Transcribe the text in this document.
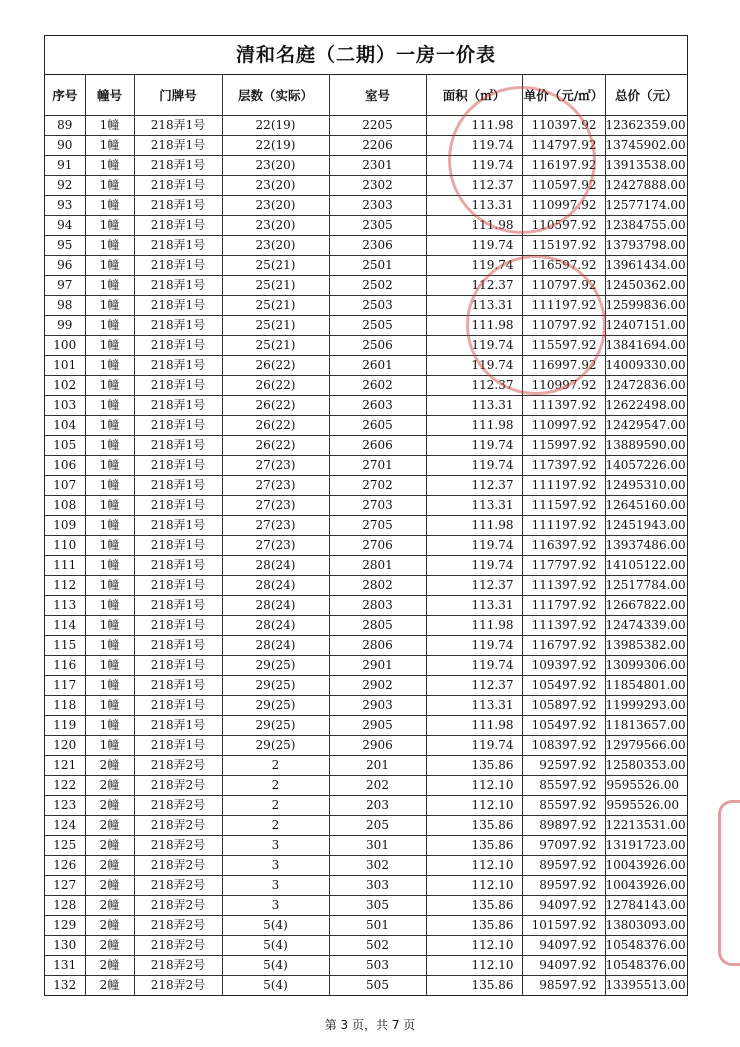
清和名庭（二期）一房一价表
序号	幢号	门牌号	层数（实际）	室号	面积（㎡）	单价（元/㎡）	总价（元）
89	1幢	218弄1号	22(19)	2205	111.98	110397.92	12362359.00
90	1幢	218弄1号	22(19)	2206	119.74	114797.92	13745902.00
91	1幢	218弄1号	23(20)	2301	119.74	116197.92	13913538.00
92	1幢	218弄1号	23(20)	2302	112.37	110597.92	12427888.00
93	1幢	218弄1号	23(20)	2303	113.31	110997.92	12577174.00
94	1幢	218弄1号	23(20)	2305	111.98	110597.92	12384755.00
95	1幢	218弄1号	23(20)	2306	119.74	115197.92	13793798.00
96	1幢	218弄1号	25(21)	2501	119.74	116597.92	13961434.00
97	1幢	218弄1号	25(21)	2502	112.37	110797.92	12450362.00
98	1幢	218弄1号	25(21)	2503	113.31	111197.92	12599836.00
99	1幢	218弄1号	25(21)	2505	111.98	110797.92	12407151.00
100	1幢	218弄1号	25(21)	2506	119.74	115597.92	13841694.00
101	1幢	218弄1号	26(22)	2601	119.74	116997.92	14009330.00
102	1幢	218弄1号	26(22)	2602	112.37	110997.92	12472836.00
103	1幢	218弄1号	26(22)	2603	113.31	111397.92	12622498.00
104	1幢	218弄1号	26(22)	2605	111.98	110997.92	12429547.00
105	1幢	218弄1号	26(22)	2606	119.74	115997.92	13889590.00
106	1幢	218弄1号	27(23)	2701	119.74	117397.92	14057226.00
107	1幢	218弄1号	27(23)	2702	112.37	111197.92	12495310.00
108	1幢	218弄1号	27(23)	2703	113.31	111597.92	12645160.00
109	1幢	218弄1号	27(23)	2705	111.98	111197.92	12451943.00
110	1幢	218弄1号	27(23)	2706	119.74	116397.92	13937486.00
111	1幢	218弄1号	28(24)	2801	119.74	117797.92	14105122.00
112	1幢	218弄1号	28(24)	2802	112.37	111397.92	12517784.00
113	1幢	218弄1号	28(24)	2803	113.31	111797.92	12667822.00
114	1幢	218弄1号	28(24)	2805	111.98	111397.92	12474339.00
115	1幢	218弄1号	28(24)	2806	119.74	116797.92	13985382.00
116	1幢	218弄1号	29(25)	2901	119.74	109397.92	13099306.00
117	1幢	218弄1号	29(25)	2902	112.37	105497.92	11854801.00
118	1幢	218弄1号	29(25)	2903	113.31	105897.92	11999293.00
119	1幢	218弄1号	29(25)	2905	111.98	105497.92	11813657.00
120	1幢	218弄1号	29(25)	2906	119.74	108397.92	12979566.00
121	2幢	218弄2号	2	201	135.86	92597.92	12580353.00
122	2幢	218弄2号	2	202	112.10	85597.92	9595526.00
123	2幢	218弄2号	2	203	112.10	85597.92	9595526.00
124	2幢	218弄2号	2	205	135.86	89897.92	12213531.00
125	2幢	218弄2号	3	301	135.86	97097.92	13191723.00
126	2幢	218弄2号	3	302	112.10	89597.92	10043926.00
127	2幢	218弄2号	3	303	112.10	89597.92	10043926.00
128	2幢	218弄2号	3	305	135.86	94097.92	12784143.00
129	2幢	218弄2号	5(4)	501	135.86	101597.92	13803093.00
130	2幢	218弄2号	5(4)	502	112.10	94097.92	10548376.00
131	2幢	218弄2号	5(4)	503	112.10	94097.92	10548376.00
132	2幢	218弄2号	5(4)	505	135.86	98597.92	13395513.00
第 3 页，共 7 页
